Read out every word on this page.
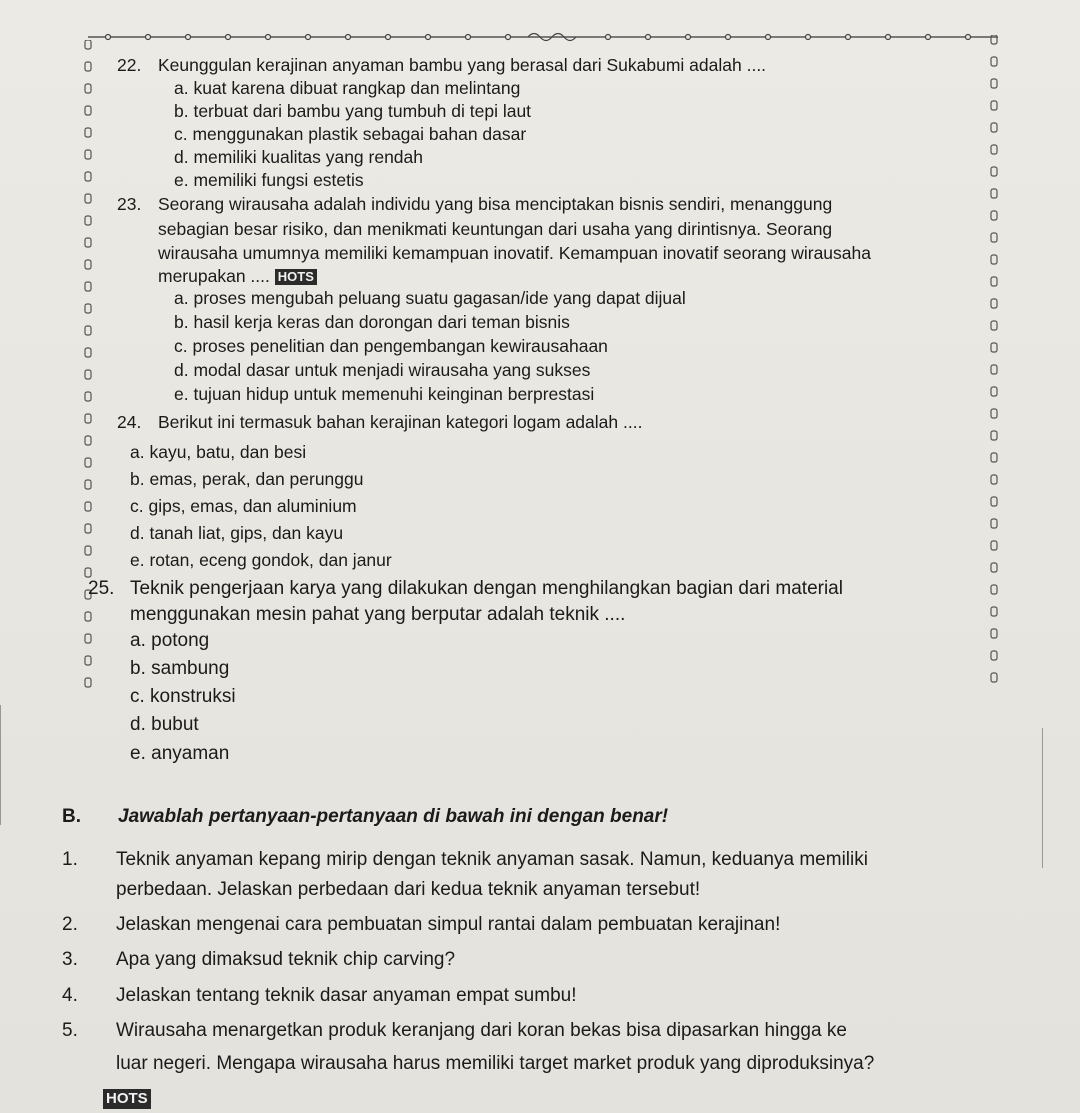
22. Keunggulan kerajinan anyaman bambu yang berasal dari Sukabumi adalah ....
a. kuat karena dibuat rangkap dan melintang
b. terbuat dari bambu yang tumbuh di tepi laut
c. menggunakan plastik sebagai bahan dasar
d. memiliki kualitas yang rendah
e. memiliki fungsi estetis
23. Seorang wirausaha adalah individu yang bisa menciptakan bisnis sendiri, menanggung
sebagian besar risiko, dan menikmati keuntungan dari usaha yang dirintisnya. Seorang
wirausaha umumnya memiliki kemampuan inovatif. Kemampuan inovatif seorang wirausaha
merupakan .... HOTS
a. proses mengubah peluang suatu gagasan/ide yang dapat dijual
b. hasil kerja keras dan dorongan dari teman bisnis
c. proses penelitian dan pengembangan kewirausahaan
d. modal dasar untuk menjadi wirausaha yang sukses
e. tujuan hidup untuk memenuhi keinginan berprestasi
24. Berikut ini termasuk bahan kerajinan kategori logam adalah ....
a. kayu, batu, dan besi
b. emas, perak, dan perunggu
c. gips, emas, dan aluminium
d. tanah liat, gips, dan kayu
e. rotan, eceng gondok, dan janur
25. Teknik pengerjaan karya yang dilakukan dengan menghilangkan bagian dari material
menggunakan mesin pahat yang berputar adalah teknik ....
a. potong
b. sambung
c. konstruksi
d. bubut
e. anyaman
B. Jawablah pertanyaan-pertanyaan di bawah ini dengan benar!
1. Teknik anyaman kepang mirip dengan teknik anyaman sasak. Namun, keduanya memiliki
perbedaan. Jelaskan perbedaan dari kedua teknik anyaman tersebut!
2. Jelaskan mengenai cara pembuatan simpul rantai dalam pembuatan kerajinan!
3. Apa yang dimaksud teknik chip carving?
4. Jelaskan tentang teknik dasar anyaman empat sumbu!
5. Wirausaha menargetkan produk keranjang dari koran bekas bisa dipasarkan hingga ke
luar negeri. Mengapa wirausaha harus memiliki target market produk yang diproduksinya?
HOTS
